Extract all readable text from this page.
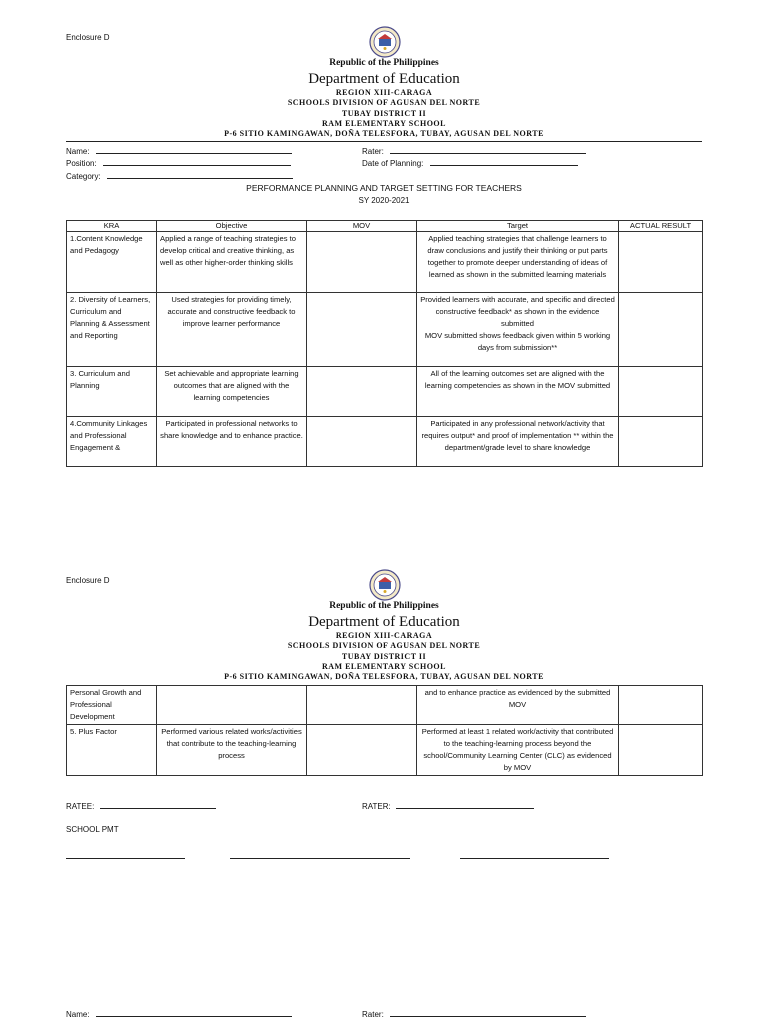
Enclosure D
Republic of the Philippines
Department of Education
REGION XIII-CARAGA
SCHOOLS DIVISION OF AGUSAN DEL NORTE
TUBAY DISTRICT II
RAM ELEMENTARY SCHOOL
P-6 SITIO KAMINGAWAN, DOÑA TELESFORA, TUBAY, AGUSAN DEL NORTE
Name:
Position:
Category:
Rater:
Date of Planning:
PERFORMANCE PLANNING AND TARGET SETTING FOR TEACHERS
SY 2020-2021
KRA	Objective	MOV	Target	ACTUAL RESULT
1.Content Knowledge and Pedagogy	Applied a range of teaching strategies to develop critical and creative thinking, as well as other higher-order thinking skills		Applied teaching strategies that challenge learners to draw conclusions and justify their thinking or put parts together to promote deeper understanding of ideas of learned as shown in the submitted learning materials	
2. Diversity of Learners, Curriculum and Planning & Assessment and Reporting	Used strategies for providing timely, accurate and constructive feedback to improve learner performance		Provided learners with accurate, and specific and directed constructive feedback* as shown in the evidence submitted
MOV submitted shows feedback given within 5 working days from submission**	
3. Curriculum and Planning	Set achievable and appropriate learning outcomes that are aligned with the learning competencies		All of the learning outcomes set are aligned with the learning competencies as shown in the MOV submitted	
4.Community Linkages and Professional Engagement &	Participated in professional networks to share knowledge and to enhance practice.		Participated in any professional network/activity that requires output* and proof of implementation ** within the department/grade level to share knowledge	
Enclosure D
Republic of the Philippines
Department of Education
REGION XIII-CARAGA
SCHOOLS DIVISION OF AGUSAN DEL NORTE
TUBAY DISTRICT II
RAM ELEMENTARY SCHOOL
P-6 SITIO KAMINGAWAN, DOÑA TELESFORA, TUBAY, AGUSAN DEL NORTE
Personal Growth and Professional Development			and to enhance practice as evidenced by the submitted MOV	
5. Plus Factor	Performed various related works/activities that contribute to the teaching-learning process		Performed at least 1 related work/activity that contributed to the teaching-learning process beyond the school/Community Learning Center (CLC) as evidenced by MOV	
RATEE:	RATER:
SCHOOL PMT
Name:	Rater:
